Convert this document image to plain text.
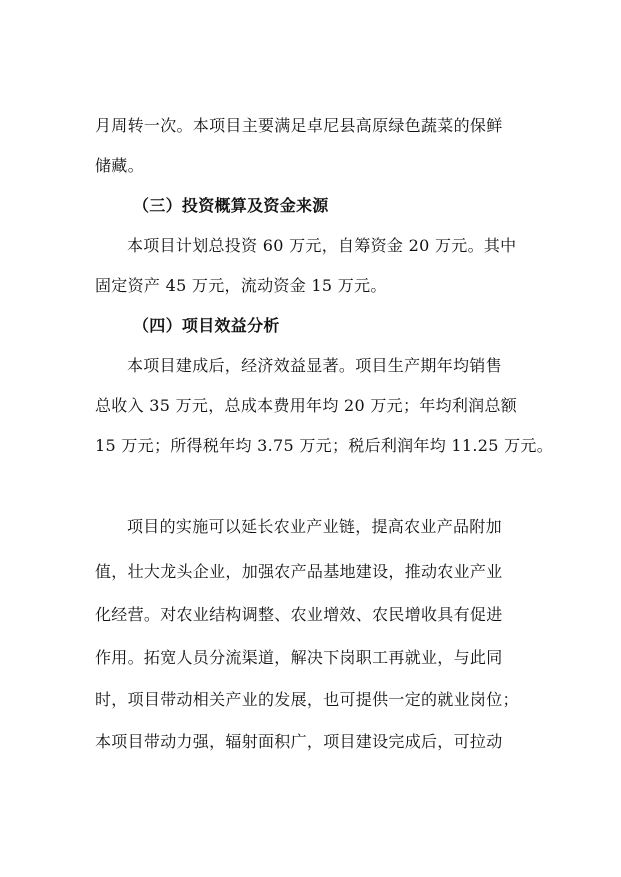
月周转一次。本项目主要满足卓尼县高原绿色蔬菜的保鲜
储藏。
（三）投资概算及资金来源
本项目计划总投资 60 万元，自筹资金 20 万元。其中
固定资产 45 万元，流动资金 15 万元。
（四）项目效益分析
本项目建成后，经济效益显著。项目生产期年均销售
总收入 35 万元，总成本费用年均 20 万元；年均利润总额
15 万元；所得税年均 3.75 万元；税后利润年均 11.25 万元。
项目的实施可以延长农业产业链，提高农业产品附加
值，壮大龙头企业，加强农产品基地建设，推动农业产业
化经营。对农业结构调整、农业增效、农民增收具有促进
作用。拓宽人员分流渠道，解决下岗职工再就业，与此同
时，项目带动相关产业的发展，也可提供一定的就业岗位；
本项目带动力强，辐射面积广，项目建设完成后，可拉动
